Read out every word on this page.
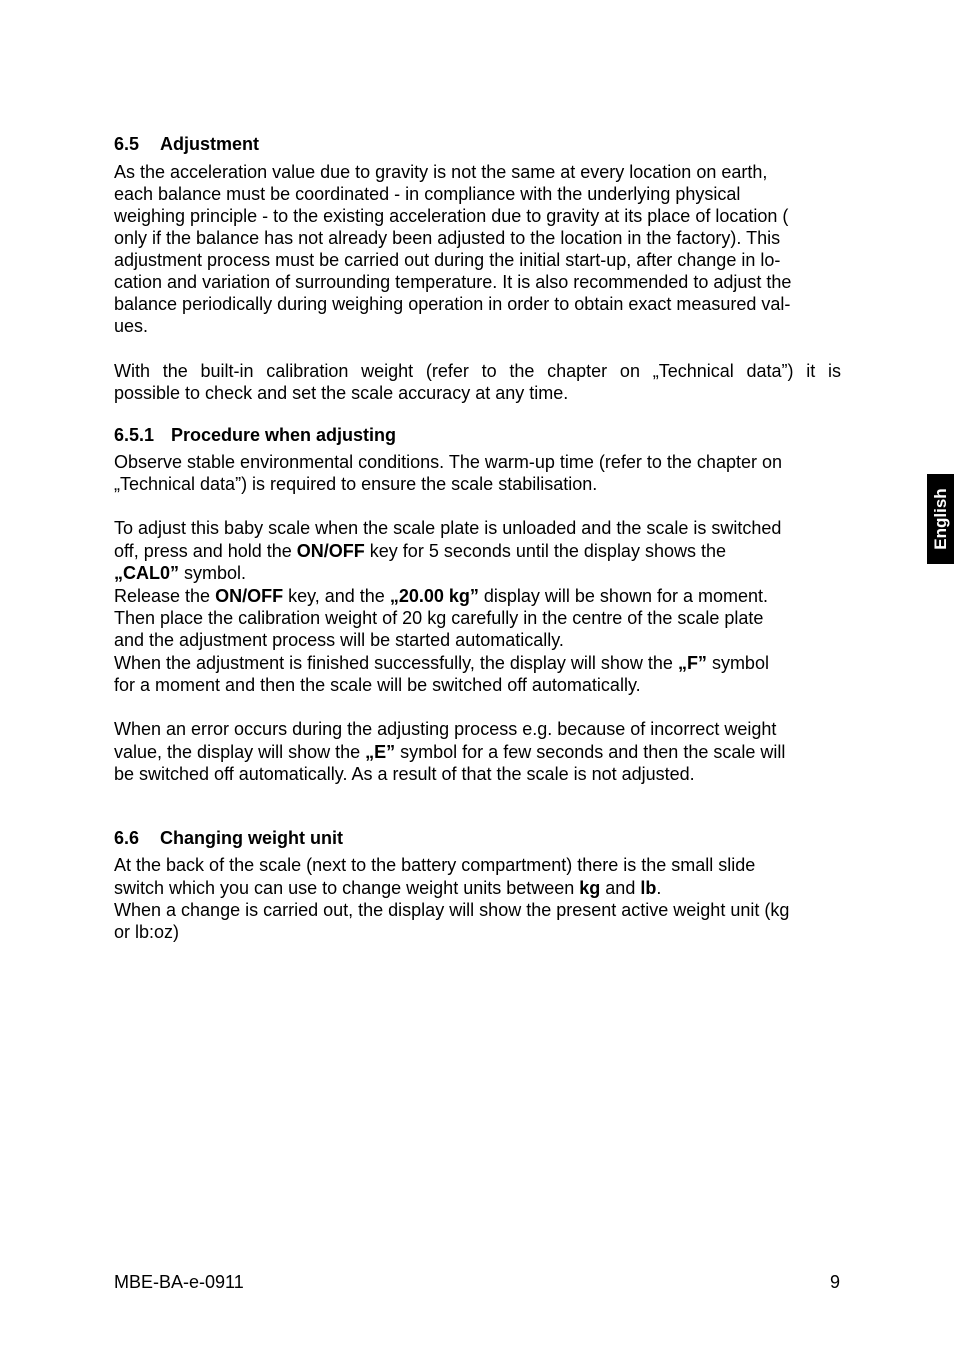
6.5 Adjustment
As the acceleration value due to gravity is not the same at every location on earth,
each balance must be coordinated - in compliance with the underlying physical
weighing principle - to the existing acceleration due to gravity at its place of location (
only if the balance has not already been adjusted to the location in the factory). This
adjustment process must be carried out during the initial start-up, after change in lo-
cation and variation of surrounding temperature. It is also recommended to adjust the
balance periodically during weighing operation in order to obtain exact measured val-
ues.
With the built-in calibration weight (refer to the chapter on „Technical data”) it is
possible to check and set the scale accuracy at any time.
6.5.1 Procedure when adjusting
Observe stable environmental conditions. The warm-up time (refer to the chapter on
„Technical data”) is required to ensure the scale stabilisation.
To adjust this baby scale when the scale plate is unloaded and the scale is switched
off, press and hold the ON/OFF key for 5 seconds until the display shows the
„CAL0” symbol.
Release the ON/OFF key, and the „20.00 kg” display will be shown for a moment.
Then place the calibration weight of 20 kg carefully in the centre of the scale plate
and the adjustment process will be started automatically.
When the adjustment is finished successfully, the display will show the „F” symbol
for a moment and then the scale will be switched off automatically.
When an error occurs during the adjusting process e.g. because of incorrect weight
value, the display will show the „E” symbol for a few seconds and then the scale will
be switched off automatically. As a result of that the scale is not adjusted.
6.6 Changing weight unit
At the back of the scale (next to the battery compartment) there is the small slide
switch which you can use to change weight units between kg and lb.
When a change is carried out, the display will show the present active weight unit (kg
or lb:oz)
English
MBE-BA-e-0911	9
